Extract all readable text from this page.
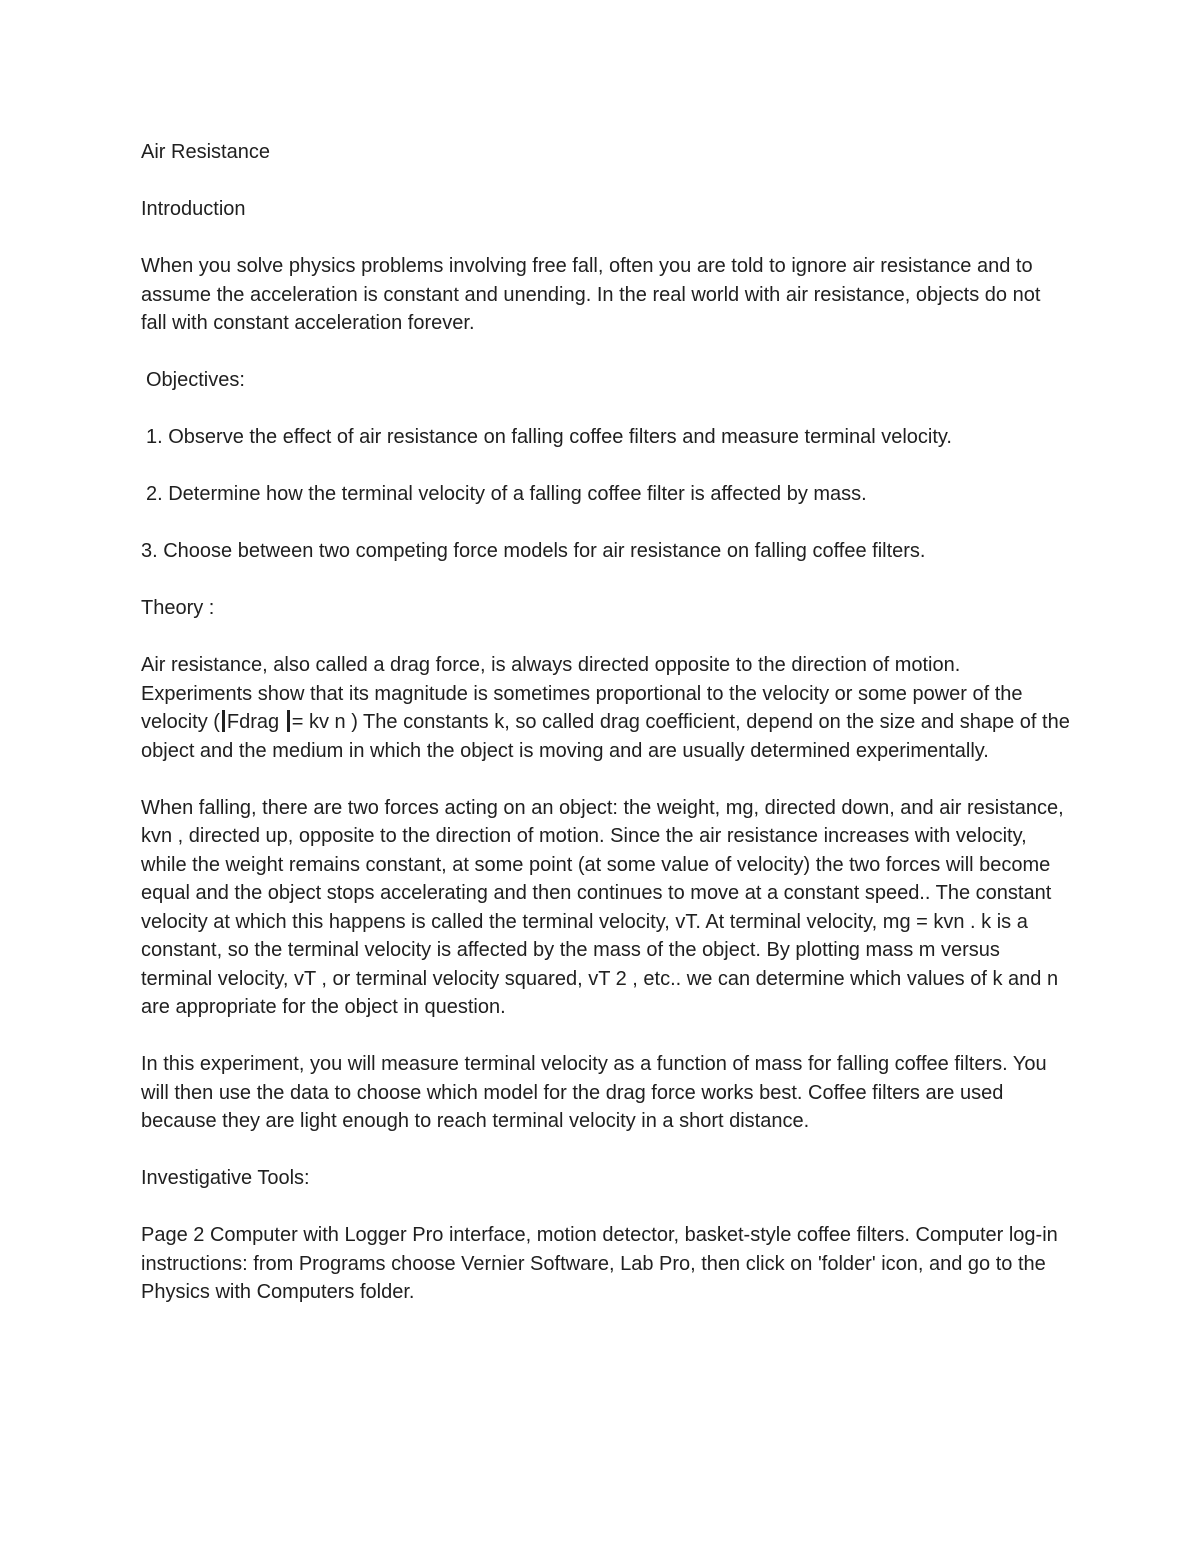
Air Resistance

Introduction

When you solve physics problems involving free fall, often you are told to ignore air resistance and to assume the acceleration is constant and unending. In the real world with air resistance, objects do not fall with constant acceleration forever.

Objectives:

1. Observe the effect of air resistance on falling coffee filters and measure terminal velocity.

2. Determine how the terminal velocity of a falling coffee filter is affected by mass.

3. Choose between two competing force models for air resistance on falling coffee filters.

Theory :

Air resistance, also called a drag force, is always directed opposite to the direction of motion. Experiments show that its magnitude is sometimes proportional to the velocity or some power of the velocity ( Fdrag = kv n ) The constants k, so called drag coefficient, depend on the size and shape of the object and the medium in which the object is moving and are usually determined experimentally.

When falling, there are two forces acting on an object: the weight, mg, directed down, and air resistance, kvn , directed up, opposite to the direction of motion. Since the air resistance increases with velocity, while the weight remains constant, at some point (at some value of velocity) the two forces will become equal and the object stops accelerating and then continues to move at a constant speed.. The constant velocity at which this happens is called the terminal velocity, vT. At terminal velocity, mg = kvn . k is a constant, so the terminal velocity is affected by the mass of the object. By plotting mass m versus terminal velocity, vT , or terminal velocity squared, vT 2 , etc.. we can determine which values of k and n are appropriate for the object in question.

In this experiment, you will measure terminal velocity as a function of mass for falling coffee filters. You will then use the data to choose which model for the drag force works best. Coffee filters are used because they are light enough to reach terminal velocity in a short distance.

Investigative Tools:

Page 2 Computer with Logger Pro interface, motion detector, basket-style coffee filters. Computer log-in instructions: from Programs choose Vernier Software, Lab Pro, then click on 'folder' icon, and go to the Physics with Computers folder.
